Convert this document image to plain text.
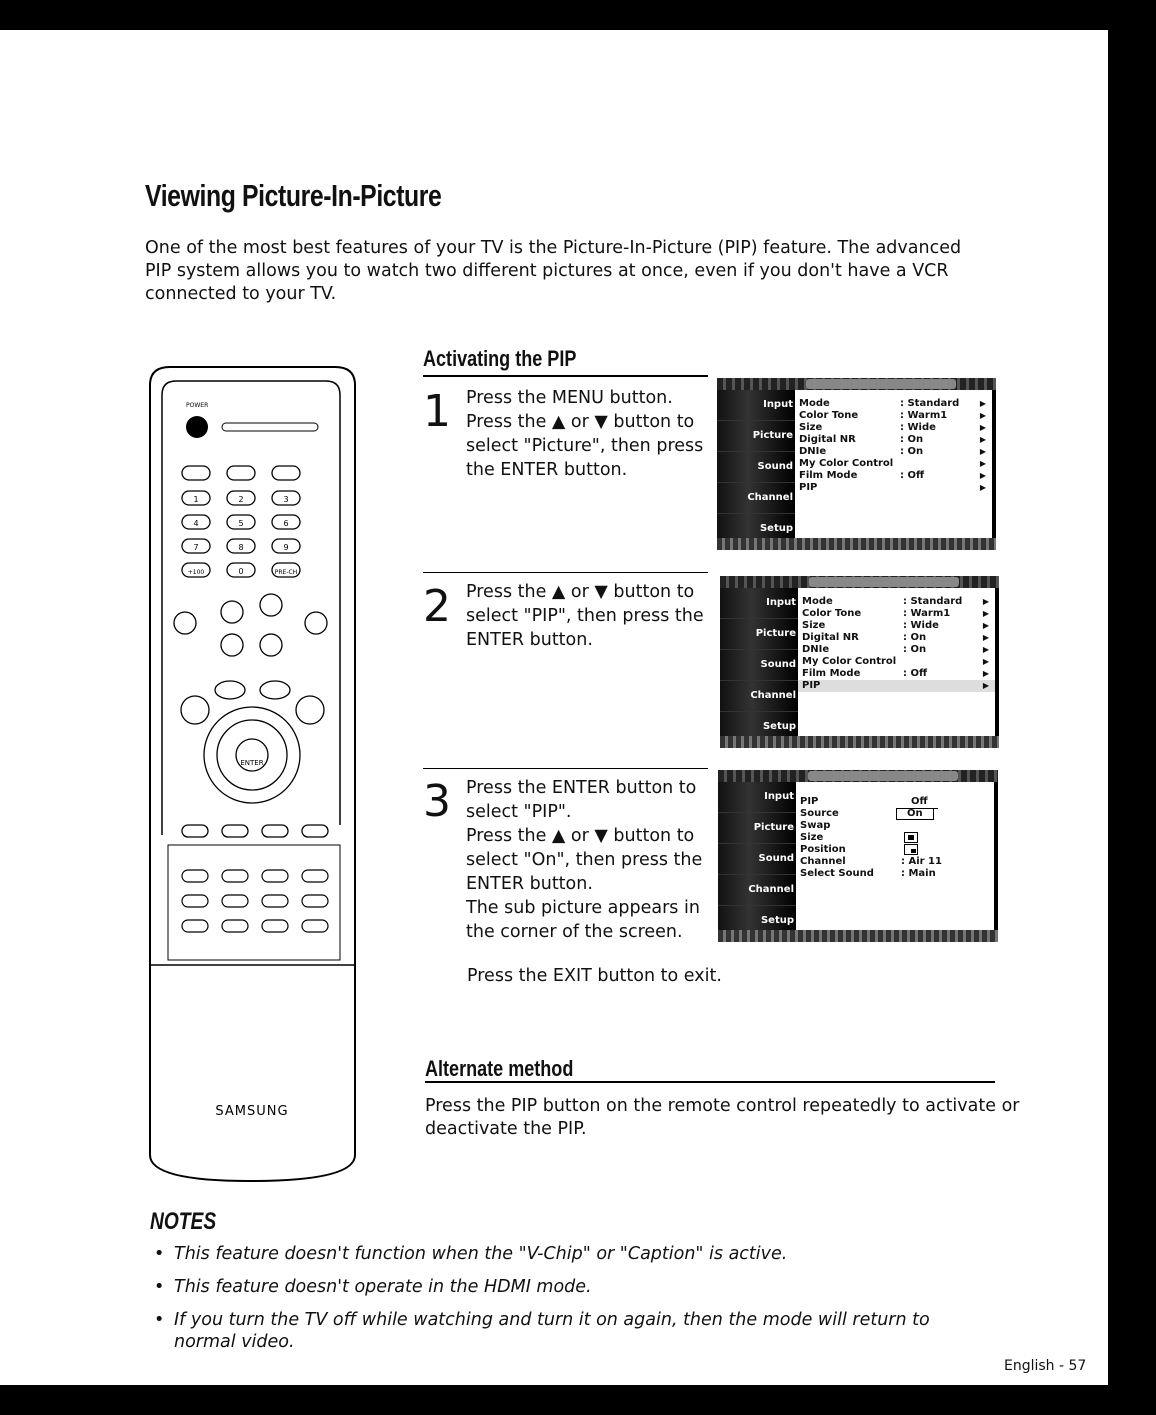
Viewing Picture-In-Picture
One of the most best features of your TV is the Picture-In-Picture (PIP) feature. The advanced PIP system allows you to watch two different pictures at once, even if you don't have a VCR connected to your TV.
POWER
1	2	3
4	5	6
7	8	9
+100	0	PRE-CH
ENTER
SAMSUNG
Activating the PIP
1 Press the MENU button.
Press the ▲ or ▼ button to select "Picture", then press the ENTER button.
2 Press the ▲ or ▼ button to select "PIP", then press the ENTER button.
3 Press the ENTER button to select "PIP".
Press the ▲ or ▼ button to select "On", then press the ENTER button.
The sub picture appears in the corner of the screen.
Press the EXIT button to exit.
Input
Picture
Sound
Channel
Setup
Mode	: Standard	▶
Color Tone	: Warm1	▶
Size	: Wide	▶
Digital NR	: On	▶
DNIe	: On	▶
My Color Control	▶
Film Mode	: Off	▶
PIP	▶
Input
Picture
Sound
Channel
Setup
Mode	: Standard	▶
Color Tone	: Warm1	▶
Size	: Wide	▶
Digital NR	: On	▶
DNIe	: On	▶
My Color Control	▶
Film Mode	: Off	▶
PIP	▶
Input
Picture
Sound
Channel
Setup
PIP	Off
Source	On
Swap
Size
Position
Channel	: Air 11
Select Sound	: Main
Alternate method
Press the PIP button on the remote control repeatedly to activate or deactivate the PIP.
NOTES
• This feature doesn't function when the "V-Chip" or "Caption" is active.
• This feature doesn't operate in the HDMI mode.
• If you turn the TV off while watching and turn it on again, then the mode will return to normal video.
English - 57
